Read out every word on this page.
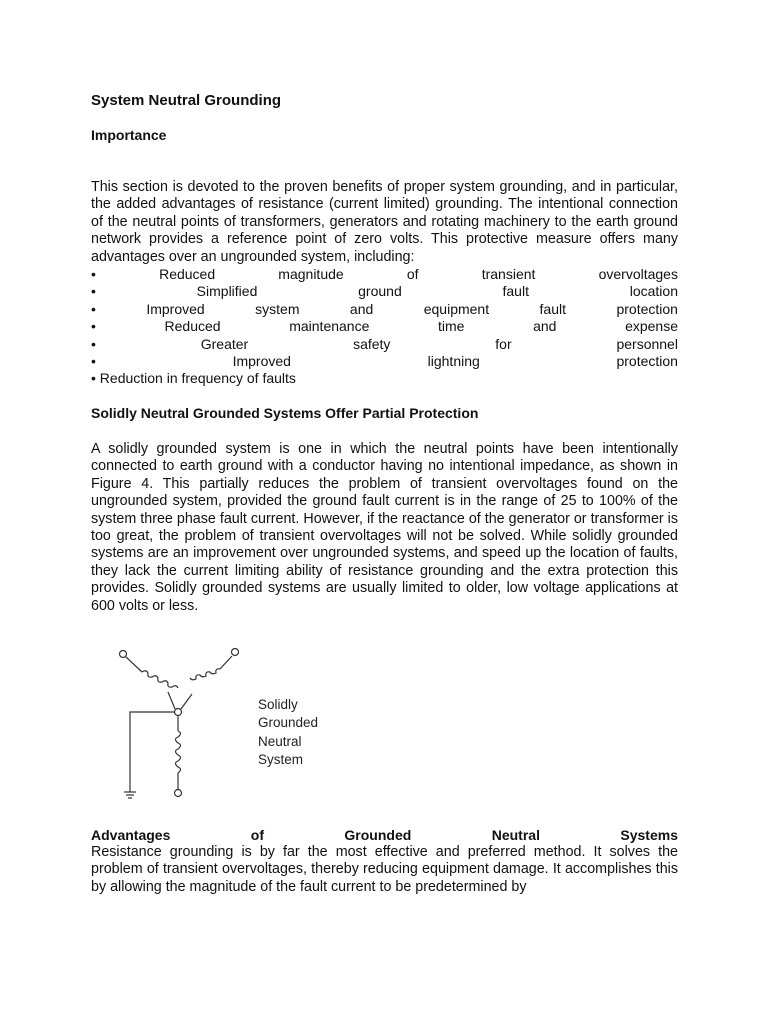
System Neutral Grounding
Importance

This section is devoted to the proven benefits of proper system grounding, and in particular, the added advantages of resistance (current limited) grounding. The intentional connection of the neutral points of transformers, generators and rotating machinery to the earth ground network provides a reference point of zero volts. This protective measure offers many advantages over an ungrounded system, including:

•	Reduced	magnitude	of	transient	overvoltages
•	Simplified	ground	fault	location
•	Improved	system	and	equipment	fault	protection
•	Reduced	maintenance	time	and	expense
•	Greater	safety	for	personnel
•	Improved	lightning	protection
• Reduction in frequency of faults
Solidly Neutral Grounded Systems Offer Partial Protection

A solidly grounded system is one in which the neutral points have been intentionally connected to earth ground with a conductor having no intentional impedance, as shown in Figure 4. This partially reduces the problem of transient overvoltages found on the ungrounded system, provided the ground fault current is in the range of 25 to 100% of the system three phase fault current. However, if the reactance of the generator or transformer is too great, the problem of transient overvoltages will not be solved. While solidly grounded systems are an improvement over ungrounded systems, and speed up the location of faults, they lack the current limiting ability of resistance grounding and the extra protection this provides. Solidly grounded systems are usually limited to older, low voltage applications at 600 volts or less.

Solidly
Grounded
Neutral
System
Advantages	of	Grounded	Neutral	Systems

Resistance grounding is by far the most effective and preferred method. It solves the problem of transient overvoltages, thereby reducing equipment damage. It accomplishes this by allowing the magnitude of the fault current to be predetermined by
